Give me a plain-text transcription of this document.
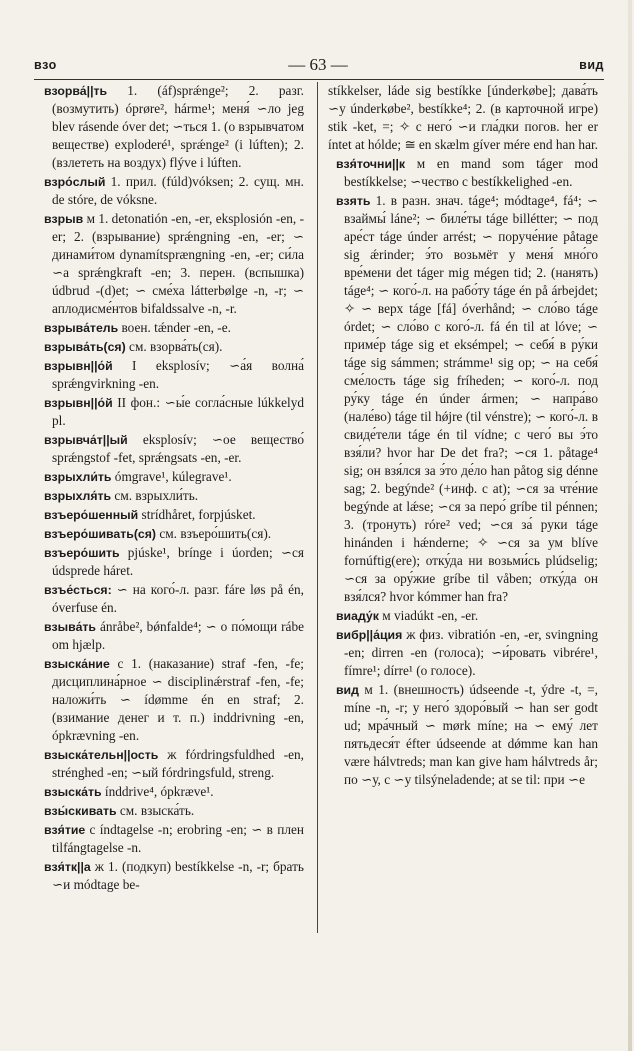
взо	— 63 —	вид
взорва́||ть 1. (áf)sprǽnge²; 2. разг. (возмутить) óprøre², hárme¹; меня́ ∽ло jeg blev rásende óver det; ∽ться 1. (о взрывчатом веществе) exploderé¹, sprǽnge² (i lúften); 2. (взлететь на воздух) flýve i lúften.
взро́слый 1. прил. (fúld)vóksen; 2. сущ. мн. de stóre, de vóksne.
взрыв м 1. detonatión -en, -er, eksplosión -en, -er; 2. (взрывание) sprǽngning -en, -er; ∽ динами́том dynamítsprængning -en, -er; си́ла ∽а sprǽngkraft -en; 3. перен. (вспышка) údbrud -(d)et; ∽ сме́ха látterbølge -n, -r; ∽ аплодисме́нтов bifaldssalve -n, -r.
взрыва́тель воен. tǽnder -en, -e.
взрыва́ть(ся) см. взорва́ть(ся).
взрывн||о́й I eksplosív; ∽а́я волна́ sprǽngvirkning -en.
взрывн||о́й II фон.: ∽ы́е согла́сные lúkkelyd pl.
взрывча́т||ый eksplosív; ∽ое вещество́ sprǽngstof -fet, sprǽngsats -en, -er.
взрыхли́ть ómgrave¹, kúlegrave¹.
взрыхля́ть см. взрыхли́ть.
взъеро́шенный strídhåret, forpjúsket.
взъеро́шивать(ся) см. взъеро́шить(ся).
взъеро́шить pjúske¹, brínge i úorden; ∽ся údsprede háret.
взъе́сться: ∽ на кого́-л. разг. fáre løs på én, óverfuse én.
взыва́ть ánråbe², bǿnfalde⁴; ∽ о по́мощи rábe om hjælp.
взыска́ние с 1. (наказание) straf -fen, -fe; дисциплина́рное ∽ disciplinǽrstraf -fen, -fe; наложи́ть ∽ ídømme én en straf; 2. (взимание денег и т. п.) inddrivning -en, ópkrævning -en.
взыска́тельн||ость ж fórdringsfuldhed -en, strénghed -en; ∽ый fórdringsfuld, streng.
взыска́ть índdrive⁴, ópkræve¹.
взы́скивать см. взыска́ть.
взя́тие с índtagelse -n; erobring -en; ∽ в плен tilfángtagelse -n.
взя́тк||а ж 1. (подкуп) bestíkkelse -n, -r; брать ∽и módtage be-
stíkkelser, láde sig bestíkke [únderkøbe]; дава́ть ∽у únderkøbe², bestíkke⁴; 2. (в карточной игре) stik -ket, =; ✧ с него́ ∽и гла́дки погов. her er íntet at hólde; ≅ en skælm gíver mére end han har.
взя́точни||к м en mand som táger mod bestíkkelse; ∽чество с bestíkkelighed -en.
взять 1. в разн. знач. táge⁴; módtage⁴, fá⁴; ∽ взаймы́ láne²; ∽ биле́ты táge billétter; ∽ под аре́ст táge únder arrést; ∽ поруче́ние påtage sig ǽrinder; э́то возьмёт у меня́ мно́го вре́мени det táger mig mégen tid; 2. (нанять) táge⁴; ∽ кого́-л. на рабо́ту táge én på árbejdet; ✧ ∽ верх táge [fá] óverhånd; ∽ сло́во táge órdet; ∽ сло́во с кого́-л. fá én til at lóve; ∽ приме́р táge sig et eksémpel; ∽ себя́ в ру́ки táge sig sámmen; strámme¹ sig op; ∽ на себя́ сме́лость táge sig fríheden; ∽ кого́-л. под ру́ку táge én únder ármen; ∽ напра́во (нале́во) táge til hǿjre (til vénstre); ∽ кого́-л. в свиде́тели táge én til vídne; с чего́ вы э́то взя́ли? hvor har De det fra?; ∽ся 1. påtage⁴ sig; он взя́лся за э́то де́ло han påtog sig dénne sag; 2. begýnde² (+инф. с at); ∽ся за чте́ние begýnde at lǽse; ∽ся за перо́ gríbe til pénnen; 3. (тронуть) róre² ved; ∽ся за́ руки táge hinánden i hǽnderne; ✧ ∽ся за ум blíve fornúftig(ere); отку́да ни возьми́сь plúdselig; ∽ся за ору́жие gríbe til våben; отку́да он взя́лся? hvor kómmer han fra?
виаду́к м viadúkt -en, -er.
вибр||а́ция ж физ. vibratión -en, -er, svingning -en; dirren -en (голоса); ∽и́ровать vibrére¹, fímre¹; dírre¹ (о голосе).
вид м 1. (внешность) údseende -t, ýdre -t, =, míne -n, -r; у него́ здоро́вый ∽ han ser godt ud; мра́чный ∽ mørk míne; на ∽ ему́ лет пятьдеся́т éfter údseende at dǿmme kan han være hálvtreds; man kan give ham hálvtreds år; по ∽у, с ∽у tilsýneladende; at se til: при ∽е
